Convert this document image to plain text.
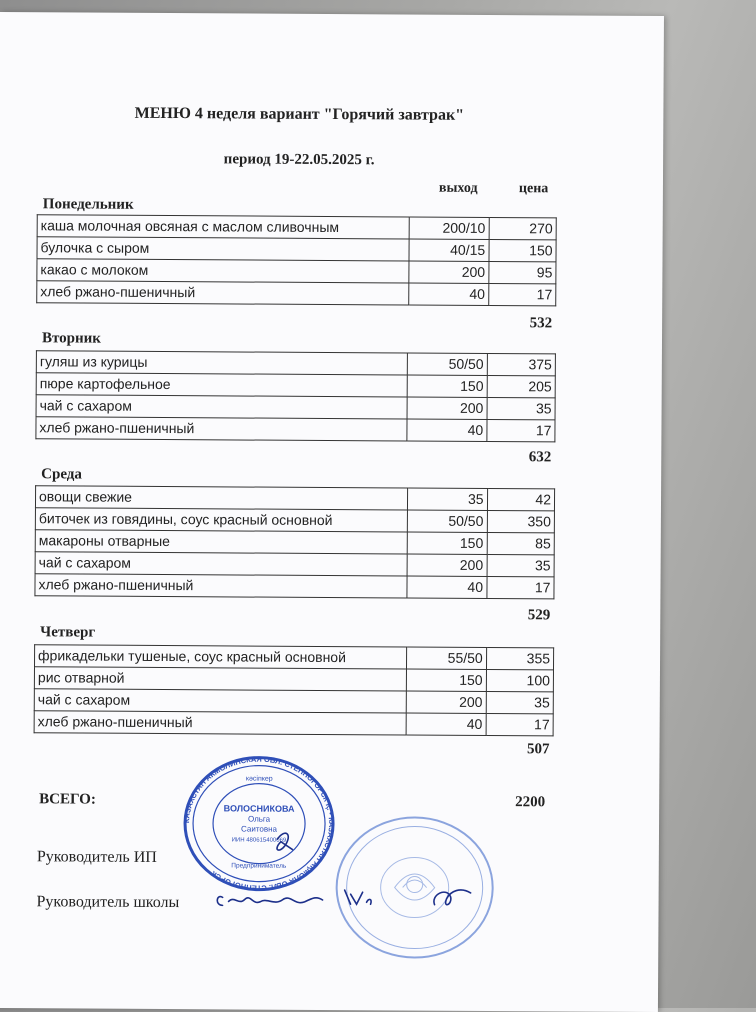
МЕНЮ 4 неделя вариант "Горячий завтрак"
период 19-22.05.2025 г.
выход	цена
Понедельник
каша молочная овсяная с маслом сливочным	200/10	270
булочка с сыром	40/15	150
какао с молоком	200	95
хлеб ржано-пшеничный	40	17
532
Вторник
гуляш из курицы	50/50	375
пюре картофельное	150	205
чай с сахаром	200	35
хлеб ржано-пшеничный	40	17
632
Среда
овощи свежие	35	42
биточек из говядины, соус красный основной	50/50	350
макароны отварные	150	85
чай с сахаром	200	35
хлеб ржано-пшеничный	40	17
529
Четверг
фрикадельки тушеные, соус красный основной	55/50	355
рис отварной	150	100
чай с сахаром	200	35
хлеб ржано-пшеничный	40	17
507
ВСЕГО:	2200
Руководитель ИП
Руководитель школы
КАЗАХСТАН АКМОЛИНСКАЯ ОБЛ. СТЕПНОГОРСК Қ. • КАЗАХСТАН АҚМОЛА ОБЛ. СТЕПНОГОРСК
кәсіпкер
ВОЛОСНИКОВА
Ольга
Саитовна
ИИН 480615400069
Предприниматель
